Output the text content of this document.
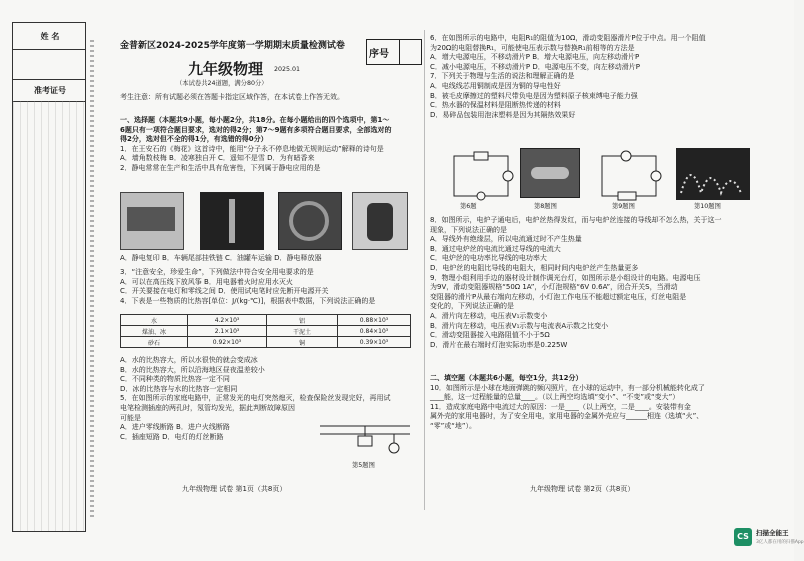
姓 名
准考证号
金普新区2024-2025学年度第一学期期末质量检测试卷
序号
九年级物理 2025.01
（本试卷共24道题，满分80分）
考生注意：所有试题必须在答题卡指定区域作答，在本试卷上作答无效。
一、选择题（本题共9小题，每小题2分，共18分。在每小题给出的四个选项中，第1～
6题只有一项符合题目要求，选对的得2分；第7～9题有多项符合题目要求，全部选对的
得2分，选对但不全的得1分，有选错的得0分）
1．在王安石的《梅花》这首诗中，能用“分子永不停息地做无规则运动”解释的诗句是
A．墙角数枝梅 B．凌寒独自开 C．遥知不是雪 D．为有暗香来
2．静电常常在生产和生活中具有危害性，下列属于静电应用的是
A．静电复印 B．车辆尾部挂铁链 C．油罐车运输 D．静电释放器
3．“注意安全，珍爱生命”，下列做法中符合安全用电要求的是
A．可以在高压线下放风筝 B．用电器着火时应用水灭火
C．开关要接在电灯和零线之间 D．使用试电笔时应先断开电源开关
4．下表是一些物质的比热容[单位：J/(kg·℃)]，根据表中数据，下列说法正确的是
水	4.2×10³	铝	0.88×10³
煤油、冰	2.1×10³	干泥土	0.84×10³
砂石	0.92×10³	铜	0.39×10³
A．水的比热容大，所以水很快的就会变成冰
B．水的比热容大，所以沿海地区昼夜温差较小
C．不同种类的物质比热容一定不同
D．冰的比热容与水的比热容一定相同
5．在如图所示的家庭电路中，正常发光的电灯突然熄灭，检查保险丝发现完好，再用试
电笔检测插座的两孔时，氖管均发光，据此判断故障原因
可能是
A．进户零线断路 B．进户火线断路
C．插座短路 D．电灯的灯丝断路
第5题图
九年级物理 试卷 第1页（共8页）
6．在如图所示的电路中，电阻R₁的阻值为10Ω，滑动变阻器滑片P位于中点。用一个阻值
为20Ω的电阻替换R₁，可能使电压表示数与替换R₁前相等的方法是
A．增大电源电压，不移动滑片P B．增大电源电压，向左移动滑片P
C．减小电源电压，不移动滑片P D．电源电压不变，向左移动滑片P
7．下列关于物理与生活的说法和理解正确的是
A．电线线芯用铜制成是因为铜的导电性好
B．被毛皮摩擦过的塑料尺带负电是因为塑料原子核束缚电子能力强
C．热水器的保温材料是阻断热传递的材料
D．易碎品包装用泡沫塑料是因为其隔热效果好
第6题	第8题图	第9题图	第10题图
8．如图所示，电炉子通电后，电炉丝热得发红，而与电炉丝连接的导线却不怎么热，关于这一
现象，下列说法正确的是
A．导线外有绝缘层，所以电流通过时不产生热量
B．通过电炉丝的电流比通过导线的电流大
C．电炉丝的电功率比导线的电功率大
D．电炉丝的电阻比导线的电阻大，相同时间内电炉丝产生热量更多
9．物理小组利用手边的器材设计制作调光台灯，如图所示是小组设计的电路。电源电压
为9V，滑动变阻器规格“50Ω 1A”，小灯泡规格“6V 0.6A”，闭合开关S，当滑动
变阻器的滑片P从最右端向左移动，小灯泡工作电压不能超过额定电压，灯丝电阻是
变化的，下列说法正确的是
A．滑片向左移动，电压表V₁示数变小
B．滑片向左移动，电压表V₁示数与电流表A示数之比变小
C．滑动变阻器接入电路阻值不小于5Ω
D．滑片在最右端时灯泡实际功率是0.225W
二、填空题（本题共6小题，每空1分，共12分）
10．如图所示是小球在地面弹跳的频闪照片，在小球的运动中，有一部分机械能转化成了
____能，这一过程能量的总量____。（以上两空均选填“变小”、“不变”或“变大”）
11．造成家庭电路中电流过大的原因：一是____（以上两空，二是____。安装带有金
属外壳的家用电器时，为了安全用电，家用电器的金属外壳应与______相连（选填“火”、
“零”或“地”）。
九年级物理 试卷 第2页（共8页）
CS	扫描全能王
3亿人都在用的扫描App
